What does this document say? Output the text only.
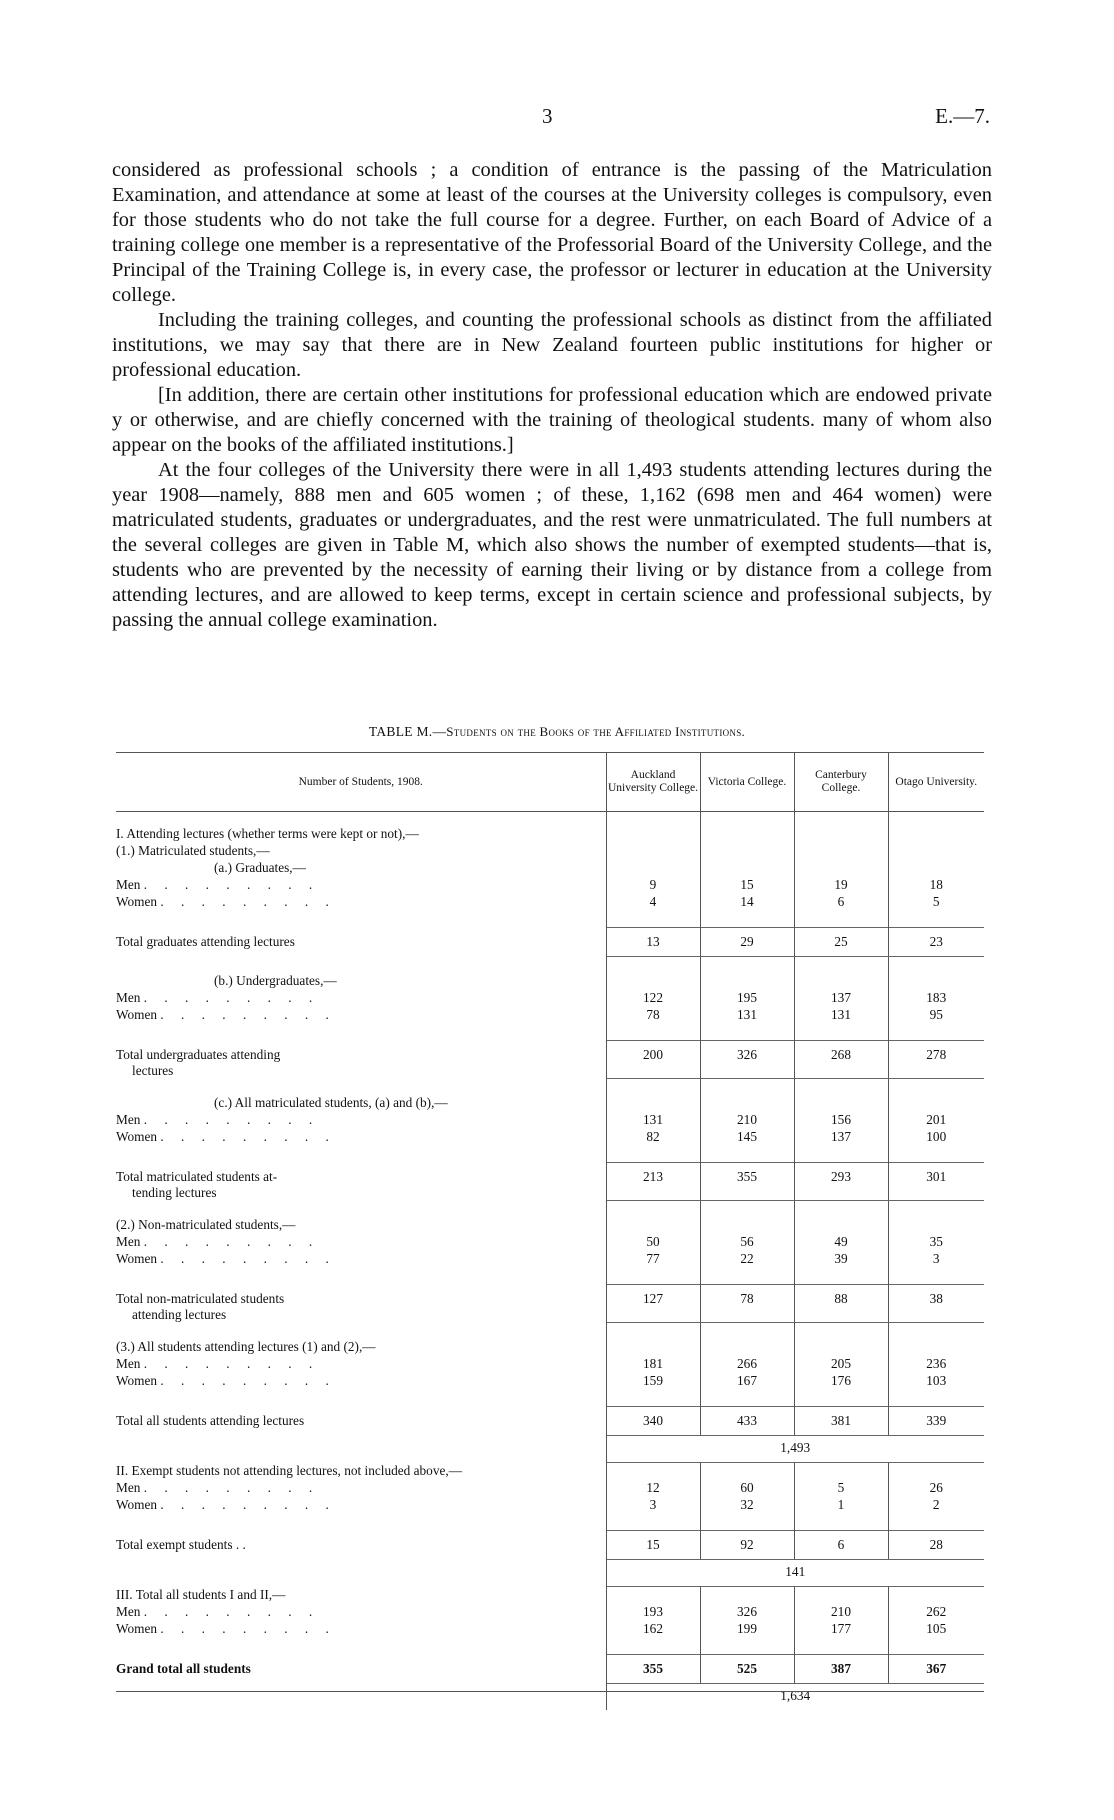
3	E.—7.

considered as professional schools ; a condition of entrance is the passing of the Matriculation Examination, and attendance at some at least of the courses at the University colleges is compulsory, even for those students who do not take the full course for a degree. Further, on each Board of Advice of a training college one member is a representative of the Professorial Board of the University College, and the Principal of the Training College is, in every case, the professor or lecturer in education at the University college.

Including the training colleges, and counting the professional schools as distinct from the affiliated institutions, we may say that there are in New Zealand fourteen public institutions for higher or professional education.

[In addition, there are certain other institutions for professional education which are endowed private y or otherwise, and are chiefly concerned with the training of theological students. many of whom also appear on the books of the affiliated institutions.]

At the four colleges of the University there were in all 1,493 students attending lectures during the year 1908—namely, 888 men and 605 women ; of these, 1,162 (698 men and 464 women) were matriculated students, graduates or undergraduates, and the rest were unmatriculated. The full numbers at the several colleges are given in Table M, which also shows the number of exempted students—that is, students who are prevented by the necessity of earning their living or by distance from a college from attending lectures, and are allowed to keep terms, except in certain science and professional subjects, by passing the annual college examination.

TABLE M.—Students on the Books of the Affiliated Institutions.
Number of Students, 1908.	Auckland University College.	Victoria College.	Canterbury College.	Otago University.

I. Attending lectures (whether terms were kept or not),—				
(1.) Matriculated students,—				
(a.) Graduates,—				
Men . . . . . . . . .	9	15	19	18
Women . . . . . . . . .	4	14	6	5

Total graduates attending lectures	13	29	25	23

(b.) Undergraduates,—				
Men . . . . . . . . .	122	195	137	183
Women . . . . . . . . .	78	131	131	95

Total undergraduates attending
lectures	200	326	268	278

(c.) All matriculated students, (a) and (b),—				
Men . . . . . . . . .	131	210	156	201
Women . . . . . . . . .	82	145	137	100

Total matriculated students at-
tending lectures	213	355	293	301

(2.) Non-matriculated students,—				
Men . . . . . . . . .	50	56	49	35
Women . . . . . . . . .	77	22	39	3

Total non-matriculated students
attending lectures	127	78	88	38

(3.) All students attending lectures (1) and (2),—				
Men . . . . . . . . .	181	266	205	236
Women . . . . . . . . .	159	167	176	103

Total all students attending lectures	340	433	381	339
	1,493			
II. Exempt students not attending lectures, not included above,—				
Men . . . . . . . . .	12	60	5	26
Women . . . . . . . . .	3	32	1	2

Total exempt students . .	15	92	6	28
	141			
III. Total all students I and II,—				
Men . . . . . . . . .	193	326	210	262
Women . . . . . . . . .	162	199	177	105

Grand total all students	355	525	387	367
	1,634			
